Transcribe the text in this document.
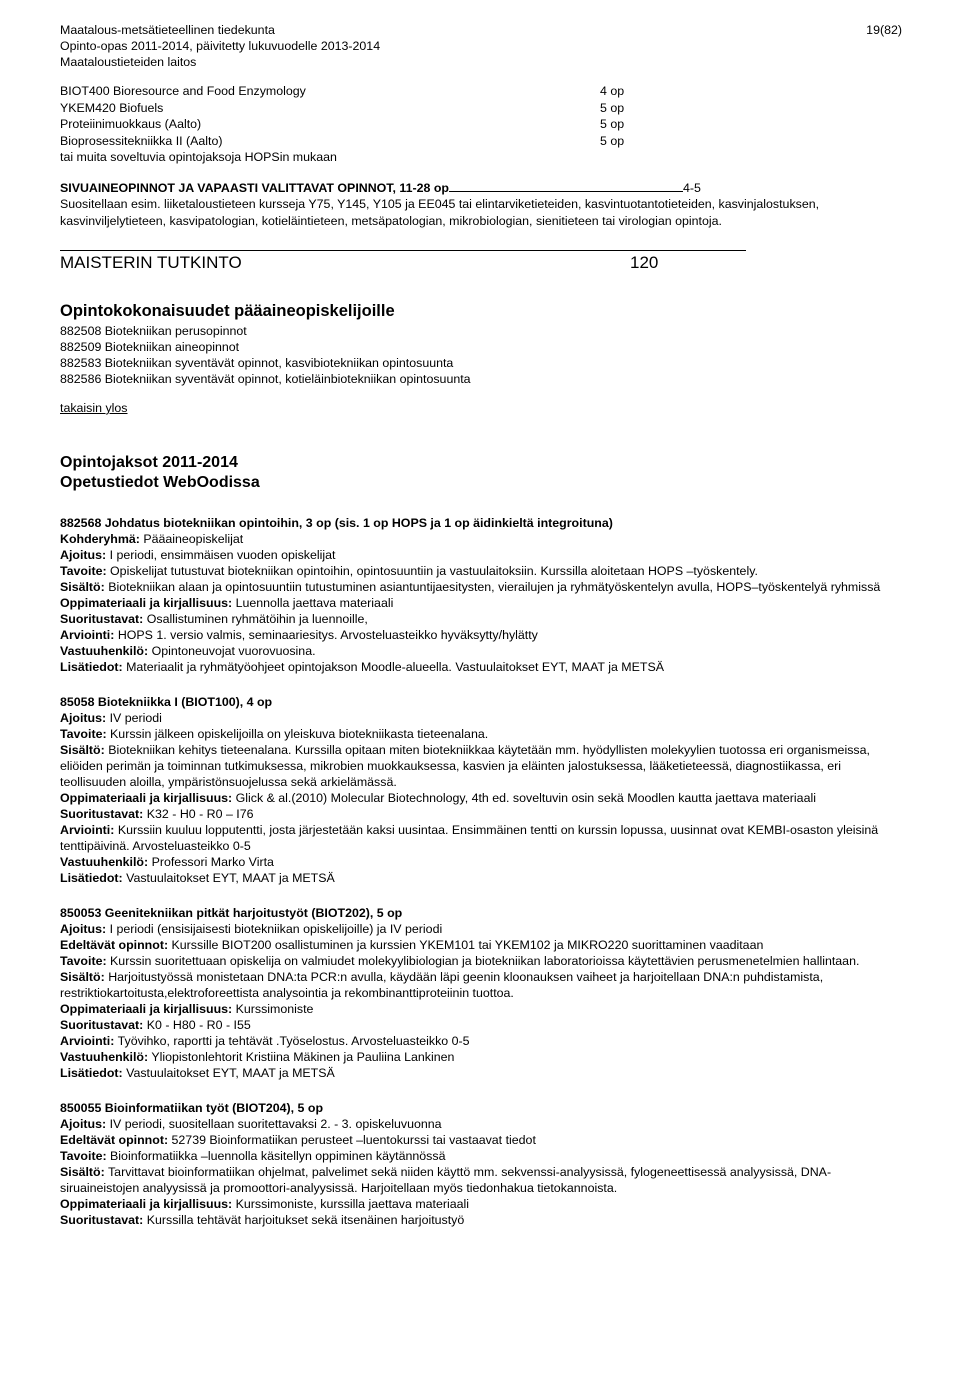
19(82)
Maatalous-metsätieteellinen tiedekunta
Opinto-opas 2011-2014, päivitetty lukuvuodelle 2013-2014
Maataloustieteiden laitos
BIOT400 Bioresource and Food Enzymology	4 op
YKEM420 Biofuels	5 op
Proteiinimuokkaus (Aalto)	5 op
Bioprosessitekniikka II (Aalto)	5 op
tai muita soveltuvia opintojaksoja HOPSin mukaan
SIVUAINEOPINNOT JA VAPAASTI VALITTAVAT OPINNOT, 11-28 op	4-5
Suositellaan esim. liiketaloustieteen kursseja Y75, Y145, Y105 ja EE045 tai elintarviketieteiden, kasvintuotantotieteiden, kasvinjalostuksen, kasvinviljelytieteen, kasvipatologian, kotieläintieteen, metsäpatologian, mikrobiologian, sienitieteen tai virologian opintoja.
MAISTERIN TUTKINTO	120
Opintokokonaisuudet pääaineopiskelijoille
882508 Biotekniikan perusopinnot
882509 Biotekniikan aineopinnot
882583 Biotekniikan syventävät opinnot, kasvibiotekniikan opintosuunta
882586 Biotekniikan syventävät opinnot, kotieläinbiotekniikan opintosuunta
takaisin ylos
Opintojaksot 2011-2014
Opetustiedot WebOodissa
882568 Johdatus biotekniikan opintoihin, 3 op (sis. 1 op HOPS ja 1 op äidinkieltä integroituna)
Kohderyhmä: Pääaineopiskelijat
Ajoitus: I periodi, ensimmäisen vuoden opiskelijat
Tavoite: Opiskelijat tutustuvat biotekniikan opintoihin, opintosuuntiin ja vastuulaitoksiin. Kurssilla aloitetaan HOPS –työskentely.
Sisältö: Biotekniikan alaan ja opintosuuntiin tutustuminen asiantuntijaesitysten, vierailujen ja ryhmätyöskentelyn avulla, HOPS–työskentelyä ryhmissä
Oppimateriaali ja kirjallisuus: Luennolla jaettava materiaali
Suoritustavat: Osallistuminen ryhmätöihin ja luennoille,
Arviointi: HOPS 1. versio valmis, seminaariesitys. Arvosteluasteikko hyväksytty/hylätty
Vastuuhenkilö: Opintoneuvojat vuorovuosina.
Lisätiedot: Materiaalit ja ryhmätyöohjeet opintojakson Moodle-alueella. Vastuulaitokset EYT, MAAT ja METSÄ
85058 Biotekniikka I (BIOT100), 4 op
Ajoitus: IV periodi
Tavoite: Kurssin jälkeen opiskelijoilla on yleiskuva biotekniikasta tieteenalana.
Sisältö: Biotekniikan kehitys tieteenalana. Kurssilla opitaan miten biotekniikkaa käytetään mm. hyödyllisten molekyylien tuotossa eri organismeissa, eliöiden perimän ja toiminnan tutkimuksessa, mikrobien muokkauksessa, kasvien ja eläinten jalostuksessa, lääketieteessä, diagnostiikassa, eri teollisuuden aloilla, ympäristönsuojelussa sekä arkielämässä.
Oppimateriaali ja kirjallisuus: Glick & al.(2010) Molecular Biotechnology, 4th ed. soveltuvin osin sekä Moodlen kautta jaettava materiaali
Suoritustavat: K32 - H0 - R0 – I76
Arviointi: Kurssiin kuuluu lopputentti, josta järjestetään kaksi uusintaa. Ensimmäinen tentti on kurssin lopussa, uusinnat ovat KEMBI-osaston yleisinä tenttipäivinä. Arvosteluasteikko 0-5
Vastuuhenkilö: Professori Marko Virta
Lisätiedot: Vastuulaitokset EYT, MAAT ja METSÄ
850053 Geenitekniikan pitkät harjoitustyöt (BIOT202), 5 op
Ajoitus: I periodi (ensisijaisesti biotekniikan opiskelijoille) ja IV periodi
Edeltävät opinnot: Kurssille BIOT200 osallistuminen ja kurssien YKEM101 tai YKEM102 ja MIKRO220 suorittaminen vaaditaan
Tavoite: Kurssin suoritettuaan opiskelija on valmiudet molekyylibiologian ja biotekniikan laboratorioissa käytettävien perusmenetelmien hallintaan.
Sisältö: Harjoitustyössä monistetaan DNA:ta PCR:n avulla, käydään läpi geenin kloonauksen vaiheet ja harjoitellaan DNA:n puhdistamista, restriktiokartoitusta,elektroforeettista analysointia ja rekombinanttiproteiinin tuottoa.
Oppimateriaali ja kirjallisuus: Kurssimoniste
Suoritustavat: K0 - H80 - R0 - I55
Arviointi: Työvihko, raportti ja tehtävät .Työselostus. Arvosteluasteikko 0-5
Vastuuhenkilö: Yliopistonlehtorit Kristiina Mäkinen ja Pauliina Lankinen
Lisätiedot: Vastuulaitokset EYT, MAAT ja METSÄ
850055 Bioinformatiikan työt (BIOT204), 5 op
Ajoitus: IV periodi, suositellaan suoritettavaksi 2. - 3. opiskeluvuonna
Edeltävät opinnot: 52739 Bioinformatiikan perusteet –luentokurssi tai vastaavat tiedot
Tavoite: Bioinformatiikka –luennolla käsitellyn oppiminen käytännössä
Sisältö: Tarvittavat bioinformatiikan ohjelmat, palvelimet sekä niiden käyttö mm. sekvenssi-analyysissä, fylogeneettisessä analyysissä, DNA-siruaineistojen analyysissä ja promoottori-analyysissä. Harjoitellaan myös tiedonhakua tietokannoista.
Oppimateriaali ja kirjallisuus: Kurssimoniste, kurssilla jaettava materiaali
Suoritustavat: Kurssilla tehtävät harjoitukset sekä itsenäinen harjoitustyö
